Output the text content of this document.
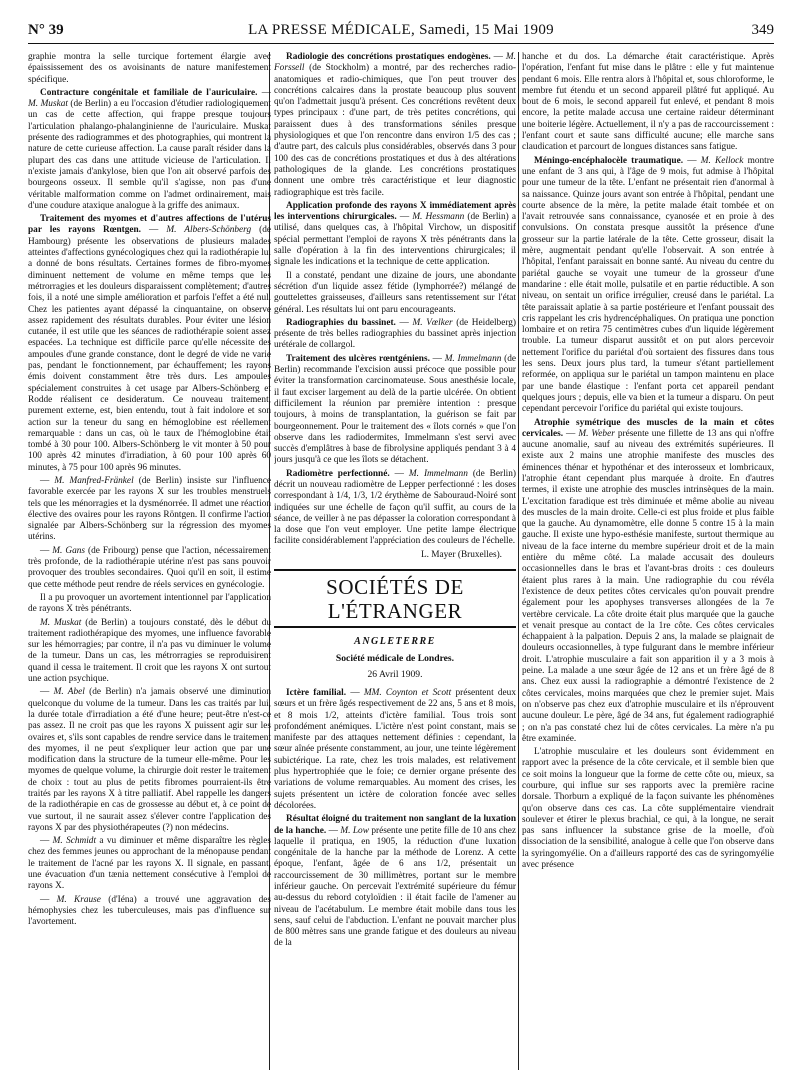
N° 39	LA PRESSE MÉDICALE, Samedi, 15 Mai 1909	349

graphie montra la selle turcique fortement élargie avec épaississement des os avoisinants de nature manifestement spécifique.

Contracture congénitale et familiale de l'auriculaire. — M. Muskat (de Berlin) a eu l'occasion d'étudier radiologiquement un cas de cette affection, qui frappe presque toujours l'articulation phalango-phalanginienne de l'auriculaire. Muskat présente des radiogrammes et des photographies, qui montrent la nature de cette curieuse affection. La cause paraît résider dans la plupart des cas dans une attitude vicieuse de l'articulation. Il n'existe jamais d'ankylose, bien que l'on ait observé parfois des bourgeons osseux. Il semble qu'il s'agisse, non pas d'une véritable malformation comme on l'admet ordinairement, mais d'une coudure ataxique analogue à la griffe des animaux.

Traitement des myomes et d'autres affections de l'utérus par les rayons Rœntgen. — M. Albers-Schönberg (de Hambourg) présente les observations de plusieurs malades atteintes d'affections gynécologiques chez qui la radiothérapie lui a donné de bons résultats. Certaines formes de fibro-myomes diminuent nettement de volume en même temps que les métrorragies et les douleurs disparaissent complètement; d'autres fois, il a noté une simple amélioration et parfois l'effet a été nul. Chez les patientes ayant dépassé la cinquantaine, on observe assez rapidement des résultats durables. Pour éviter une lésion cutanée, il est utile que les séances de radiothérapie soient assez espacées. La technique est difficile parce qu'elle nécessite des ampoules d'une grande constance, dont le degré de vide ne varie pas, pendant le fonctionnement, par échauffement; les rayons émis doivent constamment être très durs. Les ampoules spécialement construites à cet usage par Albers-Schönberg et Rodde réalisent ce desideratum. Ce nouveau traitement, purement externe, est, bien entendu, tout à fait indolore et son action sur la teneur du sang en hémoglobine est réellement remarquable : dans un cas, où le taux de l'hémoglobine était tombé à 30 pour 100. Albers-Schönberg le vit monter à 50 pour 100 après 42 minutes d'irradiation, à 60 pour 100 après 60 minutes, à 75 pour 100 après 96 minutes.

— M. Manfred-Fränkel (de Berlin) insiste sur l'influence favorable exercée par les rayons X sur les troubles menstruels tels que les ménorragies et la dysménorrée. Il admet une réaction élective des ovaires pour les rayons Röntgen. Il confirme l'action signalée par Albers-Schönberg sur la régression des myomes utérins.

— M. Gans (de Fribourg) pense que l'action, nécessairement très profonde, de la radiothérapie utérine n'est pas sans pouvoir provoquer des troubles secondaires. Quoi qu'il en soit, il estime que cette méthode peut rendre de réels services en gynécologie.

Il a pu provoquer un avortement intentionnel par l'application de rayons X très pénétrants.

M. Muskat (de Berlin) a toujours constaté, dès le début du traitement radiothérapique des myomes, une influence favorable sur les hémorragies; par contre, il n'a pas vu diminuer le volume de la tumeur. Dans un cas, les métrorragies se reproduisirent quand il cessa le traitement. Il croit que les rayons X ont surtout une action psychique.

— M. Abel (de Berlin) n'a jamais observé une diminution quelconque du volume de la tumeur. Dans les cas traités par lui, la durée totale d'irradiation a été d'une heure; peut-être n'est-ce pas assez. Il ne croit pas que les rayons X puissent agir sur les ovaires et, s'ils sont capables de rendre service dans le traitement des myomes, il ne peut s'expliquer leur action que par une modification dans la structure de la tumeur elle-même. Pour les myomes de quelque volume, la chirurgie doit rester le traitement de choix : tout au plus de petits fibromes pourraient-ils être traités par les rayons X à titre palliatif. Abel rappelle les dangers de la radiothérapie en cas de grossesse au début et, à ce point de vue surtout, il ne saurait assez s'élever contre l'application des rayons X par des physiothérapeutes (?) non médecins.

— M. Schmidt a vu diminuer et même disparaître les règles chez des femmes jeunes ou approchant de la ménopause pendant le traitement de l'acné par les rayons X. Il signale, en passant, une évacuation d'un tænia nettement consécutive à l'emploi de rayons X.

— M. Krause (d'Iéna) a trouvé une aggravation des hémophysies chez les tuberculeuses, mais pas d'influence sur l'avortement.

Radiologie des concrétions prostatiques endogènes. — M. Forssell (de Stockholm) a montré, par des recherches radio-anatomiques et radio-chimiques, que l'on peut trouver des concrétions calcaires dans la prostate beaucoup plus souvent qu'on l'admettait jusqu'à présent. Ces concrétions revêtent deux types principaux : d'une part, de très petites concrétions, qui paraissent dues à des transformations séniles presque physiologiques et que l'on rencontre dans environ 1/5 des cas ; d'autre part, des calculs plus considérables, observés dans 3 pour 100 des cas de concrétions prostatiques et dus à des altérations pathologiques de la glande. Les concrétions prostatiques donnent une ombre très caractéristique et leur diagnostic radiographique est très facile.

Application profonde des rayons X immédiatement après les interventions chirurgicales. — M. Hessmann (de Berlin) a utilisé, dans quelques cas, à l'hôpital Virchow, un dispositif spécial permettant l'emploi de rayons X très pénétrants dans la salle d'opération à la fin des interventions chirurgicales; il signale les indications et la technique de cette application.

Il a constaté, pendant une dizaine de jours, une abondante sécrétion d'un liquide assez fétide (lymphorrée?) mélangé de gouttelettes graisseuses, d'ailleurs sans retentissement sur l'état général. Les résultats lui ont paru encourageants.

Radiographies du bassinet. — M. Vœlker (de Heidelberg) présente de très belles radiographies du bassinet après injection urétérale de collargol.

Traitement des ulcères rœntgéniens. — M. Immelmann (de Berlin) recommande l'excision aussi précoce que possible pour éviter la transformation carcinomateuse. Sous anesthésie locale, il faut exciser largement au delà de la partie ulcérée. On obtient difficilement la réunion par première intention : presque toujours, à moins de transplantation, la guérison se fait par bourgeonnement. Pour le traitement des « îlots cornés » que l'on observe dans les radiodermites, Immelmann s'est servi avec succès d'emplâtres à base de fibrolysine appliqués pendant 3 à 4 jours jusqu'à ce que les îlots se détachent.

Radiomètre perfectionné. — M. Immelmann (de Berlin) décrit un nouveau radiomètre de Lepper perfectionné : les doses correspondant à 1/4, 1/3, 1/2 érythème de Sabouraud-Noiré sont indiquées sur une échelle de façon qu'il suffit, au cours de la séance, de veiller à ne pas dépasser la coloration correspondant à la dose que l'on veut employer. Une petite lampe électrique facilite considérablement l'appréciation des couleurs de l'échelle.

L. Mayer (Bruxelles).
SOCIÉTÉS DE L'ÉTRANGER
ANGLETERRE
Société médicale de Londres.
26 Avril 1909.

Ictère familial. — MM. Coynton et Scott présentent deux sœurs et un frère âgés respectivement de 22 ans, 5 ans et 8 mois, et 8 mois 1/2, atteints d'ictère familial. Tous trois sont profondément anémiques. L'ictère n'est point constant, mais se manifeste par des attaques nettement définies : cependant, la sœur aînée présente constamment, au jour, une teinte légèrement subictérique. La rate, chez les trois malades, est relativement plus hypertrophiée que le foie; ce dernier organe présente des variations de volume remarquables. Au moment des crises, les sujets présentent un ictère de coloration foncée avec selles décolorées.

Résultat éloigné du traitement non sanglant de la luxation de la hanche. — M. Low présente une petite fille de 10 ans chez laquelle il pratiqua, en 1905, la réduction d'une luxation congénitale de la hanche par la méthode de Lorenz. A cette époque, l'enfant, âgée de 6 ans 1/2, présentait un raccourcissement de 30 millimètres, portant sur le membre inférieur gauche. On percevait l'extrémité supérieure du fémur au-dessus du rebord cotyloïdien : il était facile de l'amener au niveau de l'acétabulum. Le membre était mobile dans tous les sens, sauf celui de l'abduction. L'enfant ne pouvait marcher plus de 800 mètres sans une grande fatigue et des douleurs au niveau de la

hanche et du dos. La démarche était caractéristique. Après l'opération, l'enfant fut mise dans le plâtre : elle y fut maintenue pendant 6 mois. Elle rentra alors à l'hôpital et, sous chloroforme, le membre fut étendu et un second appareil plâtré fut appliqué. Au bout de 6 mois, le second appareil fut enlevé, et pendant 8 mois encore, la petite malade accusa une certaine raideur déterminant une boiterie légère. Actuellement, il n'y a pas de raccourcissement : l'enfant court et saute sans difficulté aucune; elle marche sans claudication et parcourt de longues distances sans fatigue.

Méningo-encéphalocèle traumatique. — M. Kellock montre une enfant de 3 ans qui, à l'âge de 9 mois, fut admise à l'hôpital pour une tumeur de la tête. L'enfant ne présentait rien d'anormal à sa naissance. Quinze jours avant son entrée à l'hôpital, pendant une courte absence de la mère, la petite malade était tombée et on l'avait retrouvée sans connaissance, cyanosée et en proie à des convulsions. On constata presque aussitôt la présence d'une grosseur sur la partie latérale de la tête. Cette grosseur, disait la mère, augmentait pendant qu'elle l'observait. A son entrée à l'hôpital, l'enfant paraissait en bonne santé. Au niveau du centre du pariétal gauche se voyait une tumeur de la grosseur d'une mandarine : elle était molle, pulsatile et en partie réductible. A son niveau, on sentait un orifice irrégulier, creusé dans le pariétal. La tête paraissait aplatie à sa partie postérieure et l'enfant poussait des cris rappelant les cris hydrencéphaliques. On pratiqua une ponction lombaire et on retira 75 centimètres cubes d'un liquide légèrement trouble. La tumeur disparut aussitôt et on put alors percevoir nettement l'orifice du pariétal d'où sortaient des fissures dans tous les sens. Deux jours plus tard, la tumeur s'étant partiellement reformée, on appliqua sur le pariétal un tampon maintenu en place par une bande élastique : l'enfant porta cet appareil pendant quelques jours ; depuis, elle va bien et la tumeur a disparu. On peut cependant percevoir l'orifice du pariétal qui existe toujours.

Atrophie symétrique des muscles de la main et côtes cervicales. — M. Weber présente une fillette de 13 ans qui n'offre aucune anomalie, sauf au niveau des extrémités supérieures. Il existe aux 2 mains une atrophie manifeste des muscles des éminences thénar et hypothénar et des interosseux et lombricaux, l'atrophie étant cependant plus marquée à droite. En d'autres termes, il existe une atrophie des muscles intrinsèques de la main. L'excitation faradique est très diminuée et même abolie au niveau des muscles de la main droite. Celle-ci est plus froide et plus faible que la gauche. Au dynamomètre, elle donne 5 contre 15 à la main gauche. Il existe une hypo-esthésie manifeste, surtout thermique au niveau de la face interne du membre supérieur droit et de la main entière du même côté. La malade accusait des douleurs occasionnelles dans le bras et l'avant-bras droits : ces douleurs étaient plus rares à la main. Une radiographie du cou révéla l'existence de deux petites côtes cervicales qu'on pouvait prendre également pour les apophyses transverses allongées de la 7e vertèbre cervicale. La côte droite était plus marquée que la gauche et venait presque au contact de la 1re côte. Ces côtes cervicales échappaient à la palpation. Depuis 2 ans, la malade se plaignait de douleurs occasionnelles, à type fulgurant dans le membre inférieur droit. L'atrophie musculaire a fait son apparition il y a 3 mois à peine. La malade a une sœur âgée de 12 ans et un frère âgé de 8 ans. Chez eux aussi la radiographie a démontré l'existence de 2 côtes cervicales, moins marquées que chez le premier sujet. Mais on n'observe pas chez eux d'atrophie musculaire et ils n'éprouvent aucune douleur. Le père, âgé de 34 ans, fut également radiographié ; on n'a pas constaté chez lui de côtes cervicales. La mère n'a pu être examinée.

L'atrophie musculaire et les douleurs sont évidemment en rapport avec la présence de la côte cervicale, et il semble bien que ce soit moins la longueur que la forme de cette côte ou, mieux, sa courbure, qui influe sur ses rapports avec la première racine dorsale. Thorburn a expliqué de la façon suivante les phénomènes qu'on observe dans ces cas. La côte supplémentaire viendrait soulever et étirer le plexus brachial, ce qui, à la longue, ne serait pas sans influencer la substance grise de la moelle, d'où dissociation de la sensibilité, analogue à celle que l'on observe dans la syringomyélie. On a d'ailleurs rapporté des cas de syringomyélie avec présence
